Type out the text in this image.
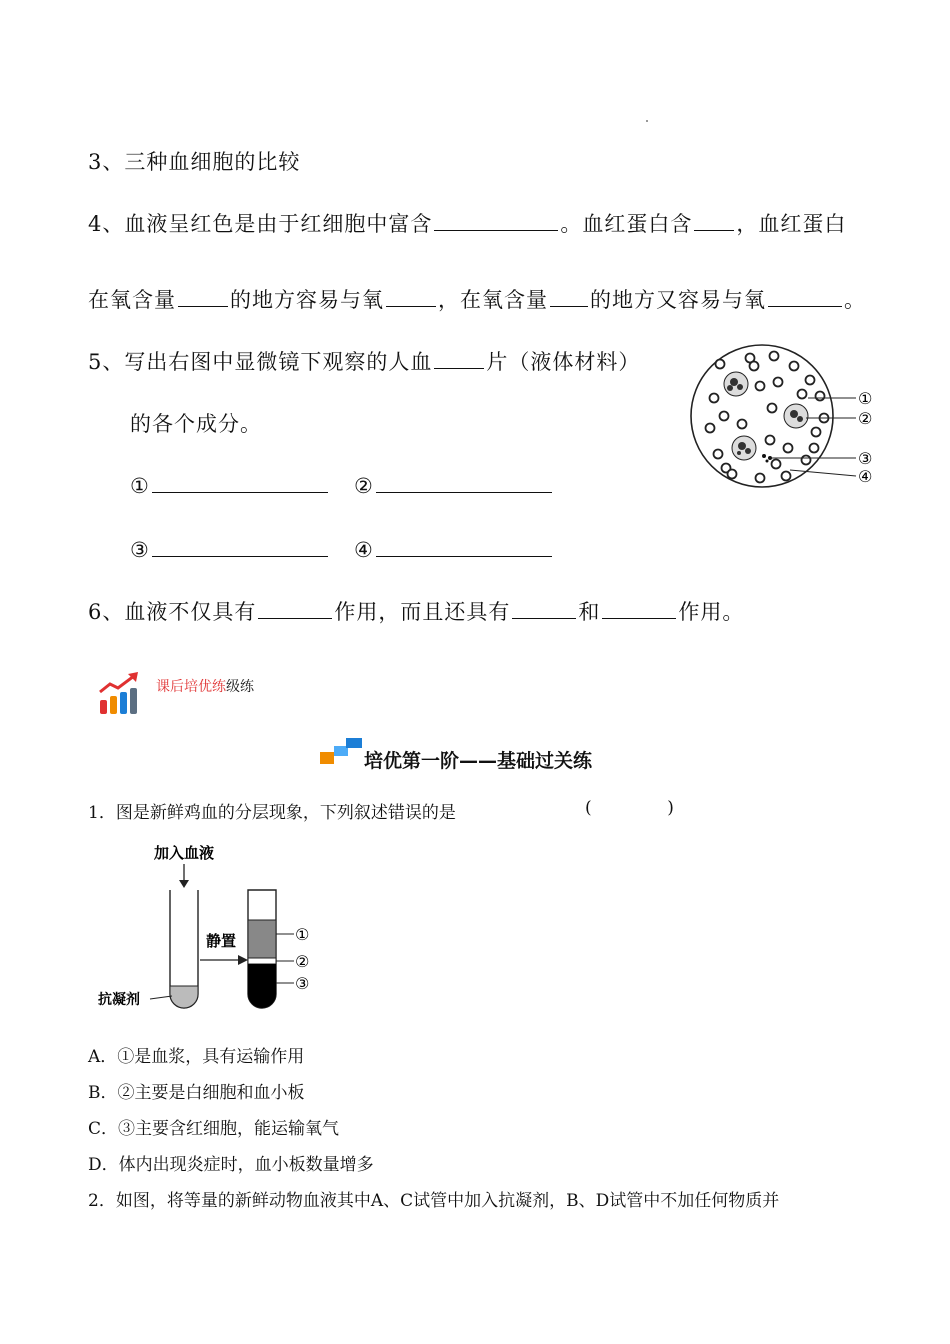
3、三种血细胞的比较
4、血液呈红色是由于红细胞中富含	。血红蛋白含 ，血红蛋白
在氧含量	的地方容易与氧	，在氧含量 的地方又容易与氧	。
5、写出右图中显微镜下观察的人血	片（液体材料）
的各个成分。
①	②
③	④
①
②
③
④
6、血液不仅具有	作用，而且还具有	和	作用。
课后培优练级练
培优第一阶——基础过关练
1．图是新鲜鸡血的分层现象，下列叙述错误的是	(              )
加入血液
抗凝剂
静置	①
②
③
A．①是血浆，具有运输作用
B．②主要是白细胞和血小板
C．③主要含红细胞，能运输氧气
D．体内出现炎症时，血小板数量增多
2．如图，将等量的新鲜动物血液其中A、C试管中加入抗凝剂，B、D试管中不加任何物质并
